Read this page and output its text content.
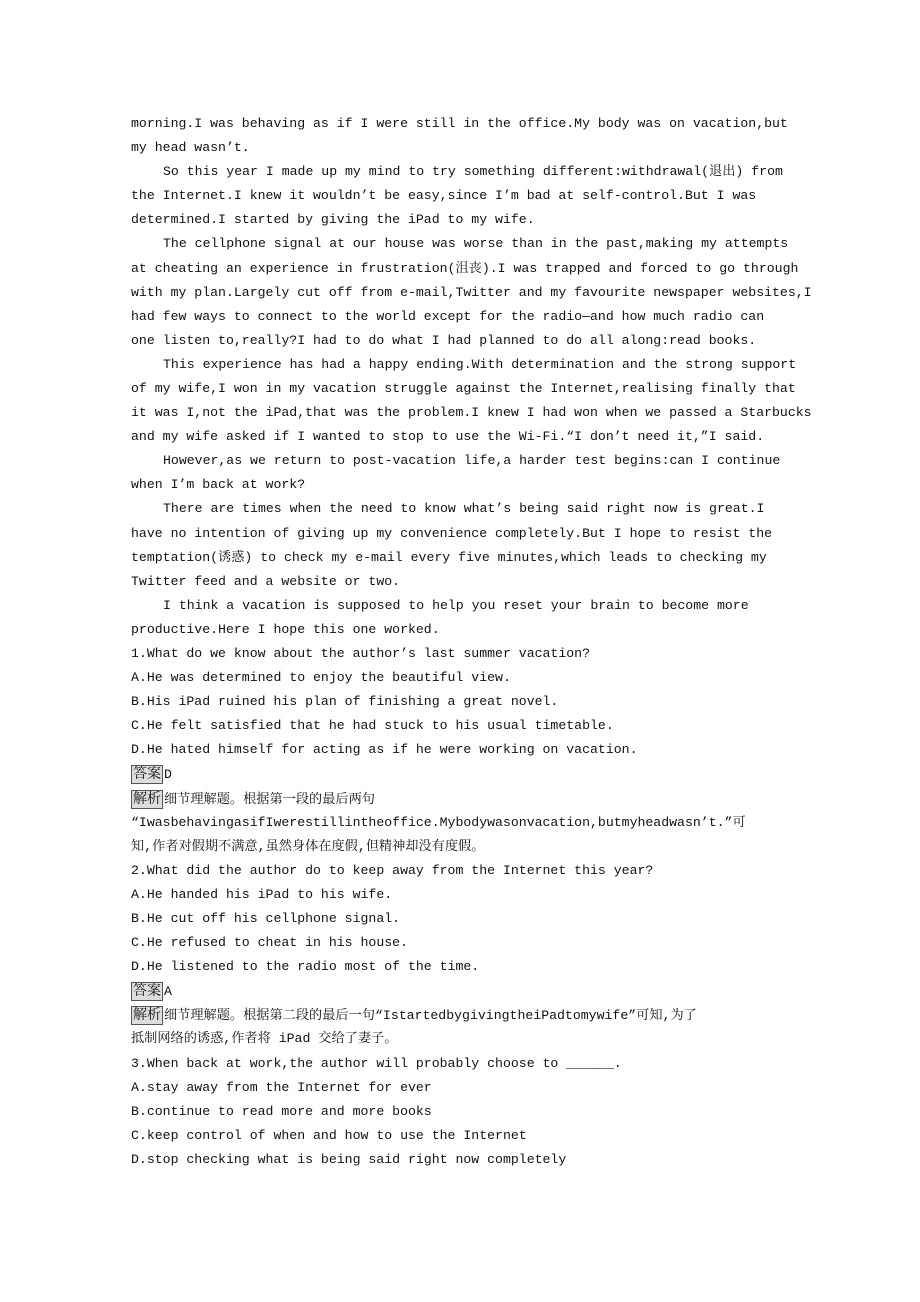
morning.I was behaving as if I were still in the office.My body was on vacation,but
my head wasn’t.
So this year I made up my mind to try something different:withdrawal(退出) from
the Internet.I knew it wouldn’t be easy,since I’m bad at self-control.But I was
determined.I started by giving the iPad to my wife.
The cellphone signal at our house was worse than in the past,making my attempts
at cheating an experience in frustration(沮丧).I was trapped and forced to go through
with my plan.Largely cut off from e-mail,Twitter and my favourite newspaper websites,I
had few ways to connect to the world except for the radio—and how much radio can
one listen to,really?I had to do what I had planned to do all along:read books.
This experience has had a happy ending.With determination and the strong support
of my wife,I won in my vacation struggle against the Internet,realising finally that
it was I,not the iPad,that was the problem.I knew I had won when we passed a Starbucks
and my wife asked if I wanted to stop to use the Wi-Fi.“I don’t need it,”I said.
However,as we return to post-vacation life,a harder test begins:can I continue
when I’m back at work?
There are times when the need to know what’s being said right now is great.I
have no intention of giving up my convenience completely.But I hope to resist the
temptation(诱惑) to check my e-mail every five minutes,which leads to checking my
Twitter feed and a website or two.
I think a vacation is supposed to help you reset your brain to become more
productive.Here I hope this one worked.
1.What do we know about the author’s last summer vacation?
A.He was determined to enjoy the beautiful view.
B.His iPad ruined his plan of finishing a great novel.
C.He felt satisfied that he had stuck to his usual timetable.
D.He hated himself for acting as if he were working on vacation.
答案 D
解析 细节理解题。根据第一段的最后两句
“IwasbehavingasifIwerestillintheoffice.Mybodywasonvacation,butmyheadwasn’t.”可
知,作者对假期不满意,虽然身体在度假,但精神却没有度假。
2.What did the author do to keep away from the Internet this year?
A.He handed his iPad to his wife.
B.He cut off his cellphone signal.
C.He refused to cheat in his house.
D.He listened to the radio most of the time.
答案 A
解析 细节理解题。根据第二段的最后一句“IstartedbygivingtheiPadtomywife”可知,为了
抵制网络的诱惑,作者将 iPad 交给了妻子。
3.When back at work,the author will probably choose to ______.
A.stay away from the Internet for ever
B.continue to read more and more books
C.keep control of when and how to use the Internet
D.stop checking what is being said right now completely
